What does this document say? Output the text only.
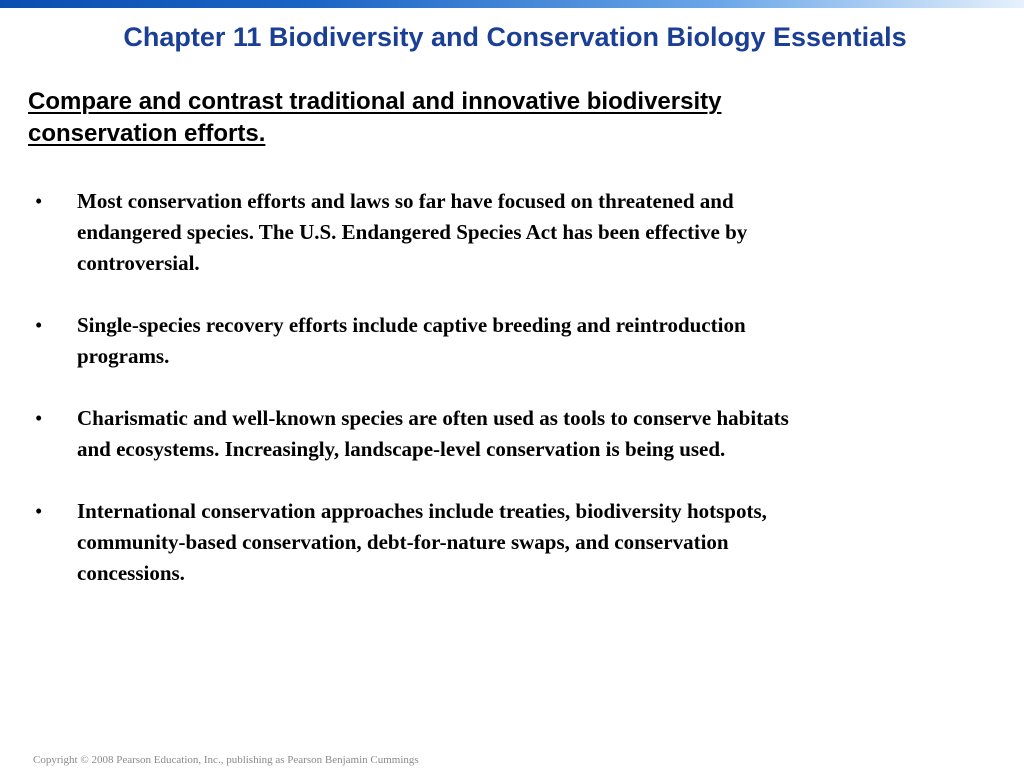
Chapter 11 Biodiversity and Conservation Biology Essentials

Compare and contrast traditional and innovative biodiversity
conservation efforts.

• Most conservation efforts and laws so far have focused on threatened and
endangered species. The U.S. Endangered Species Act has been effective by
controversial.
• Single-species recovery efforts include captive breeding and reintroduction
programs.
• Charismatic and well-known species are often used as tools to conserve habitats
and ecosystems. Increasingly, landscape-level conservation is being used.
• International conservation approaches include treaties, biodiversity hotspots,
community-based conservation, debt-for-nature swaps, and conservation
concessions.

Copyright © 2008 Pearson Education, Inc., publishing as Pearson Benjamin Cummings
